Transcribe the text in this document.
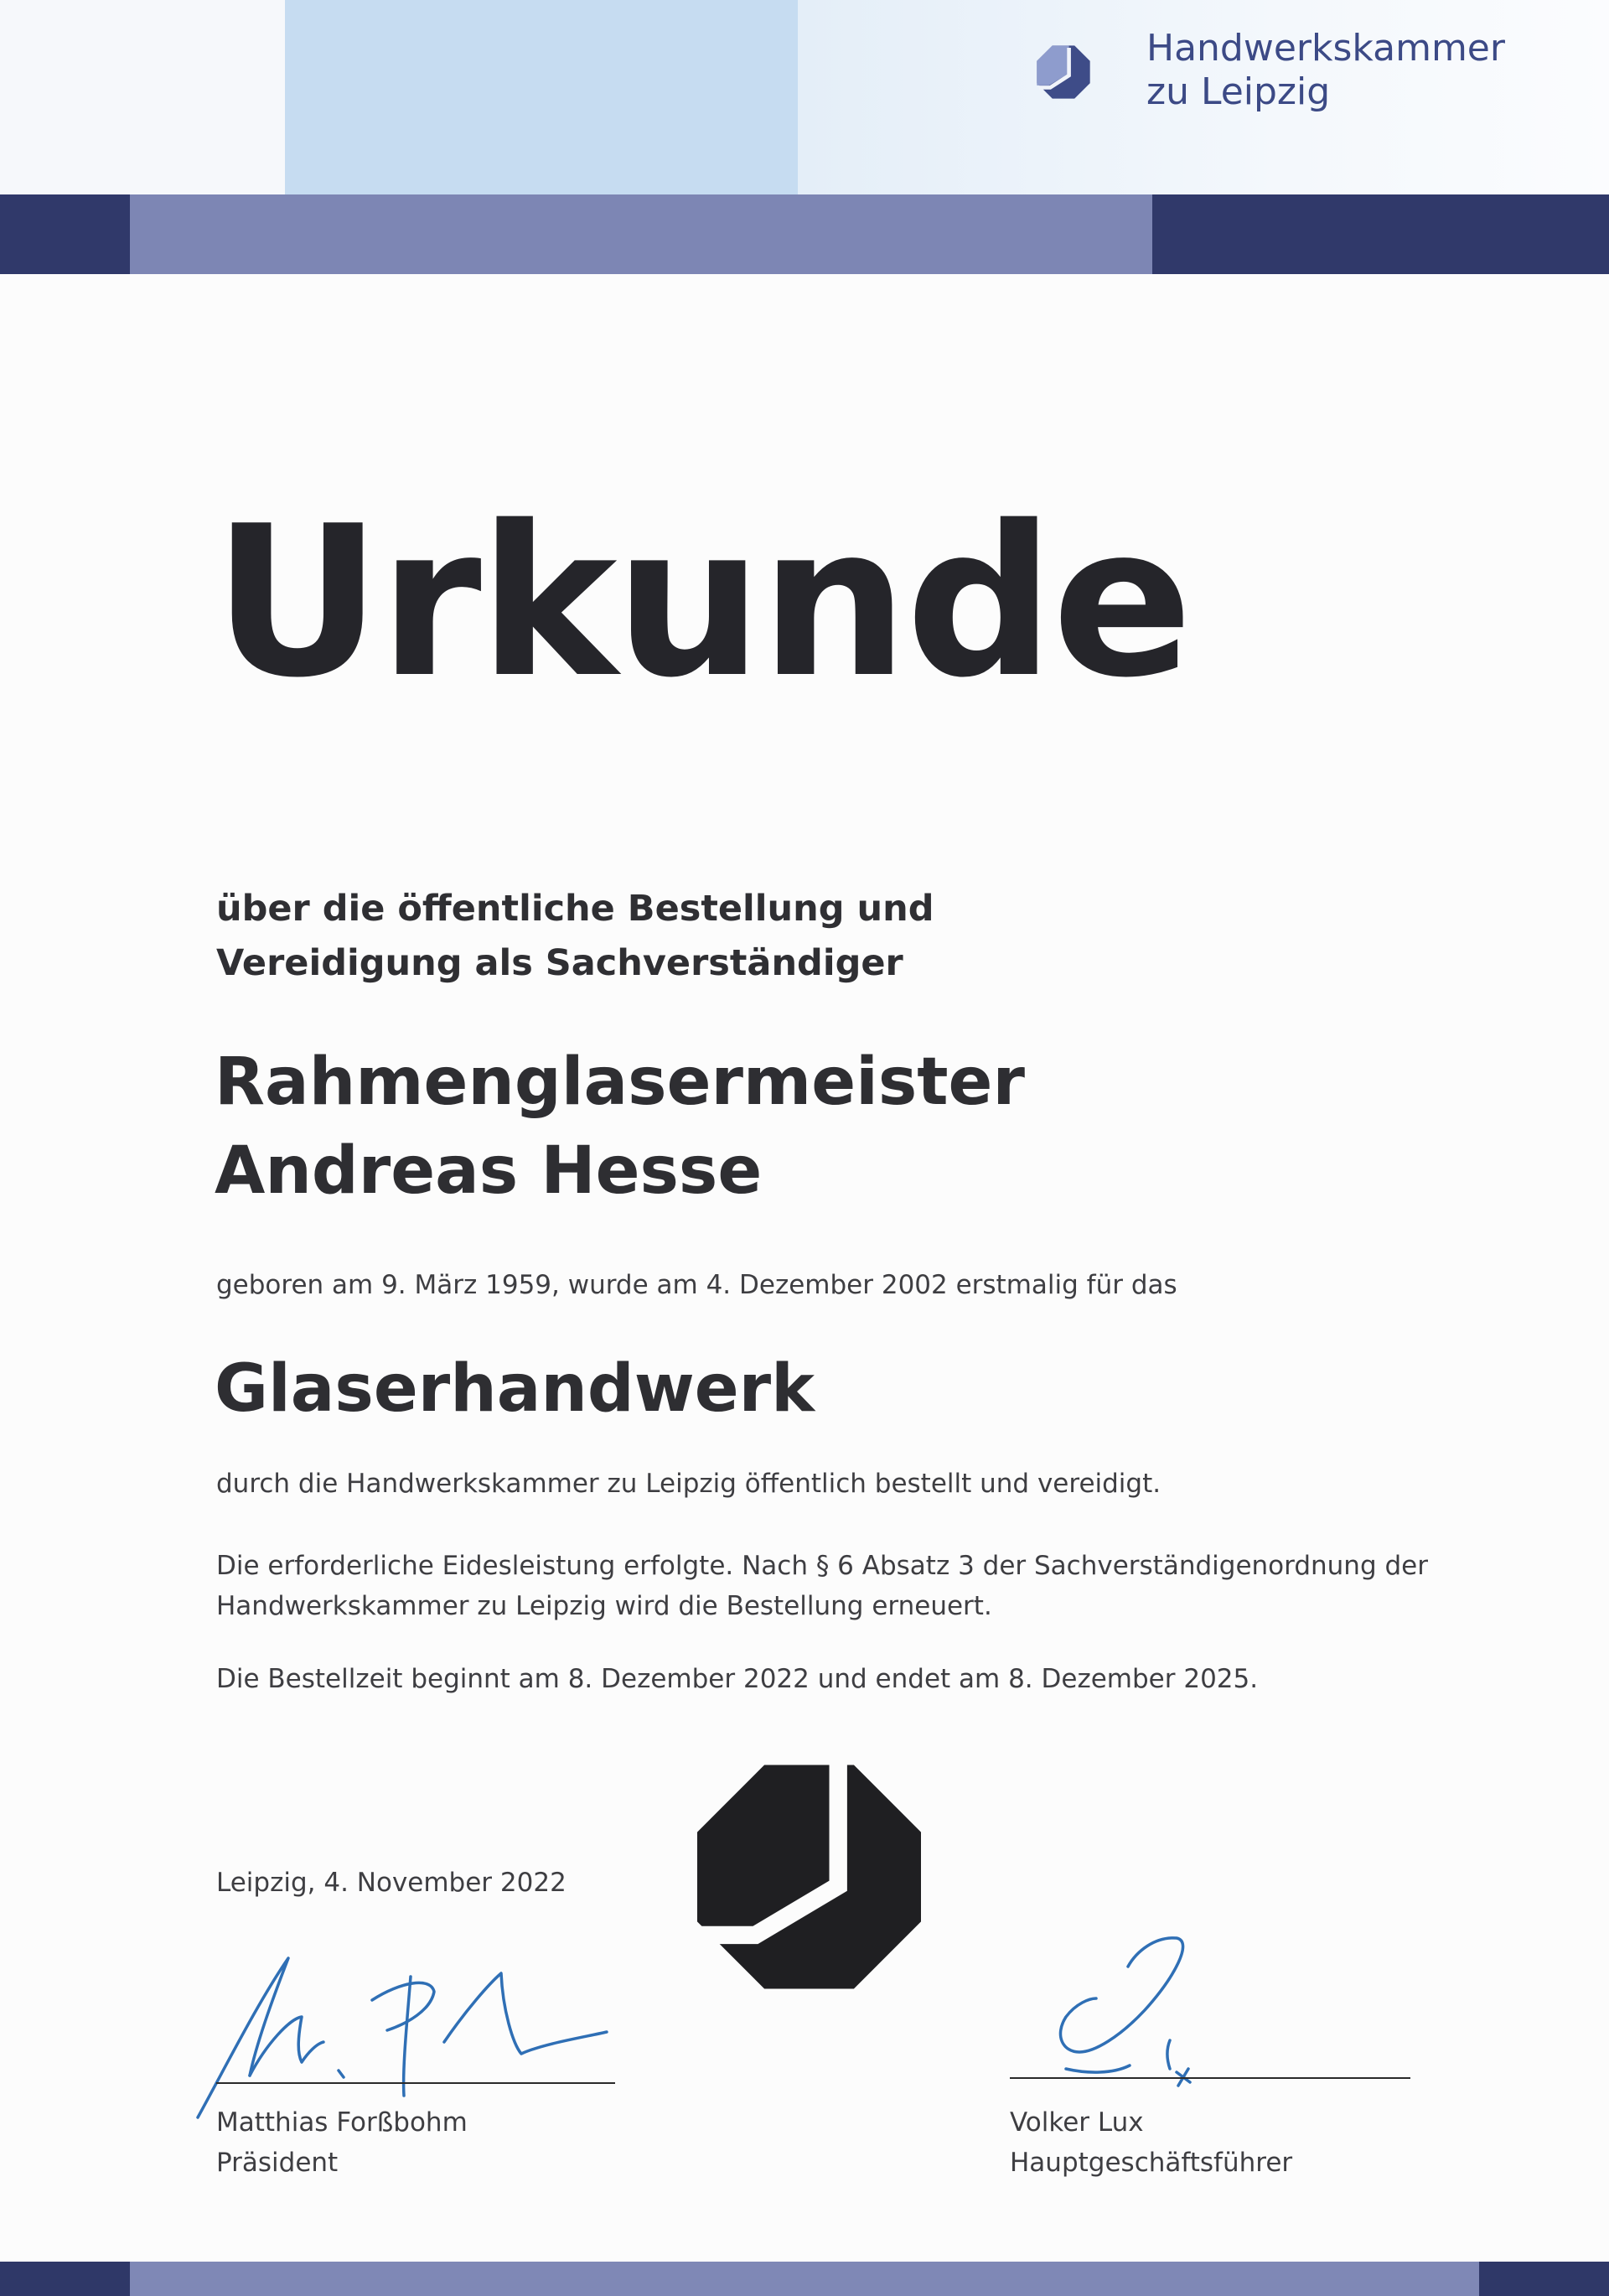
Handwerkskammer
zu Leipzig
Urkunde
über die öffentliche Bestellung und
Vereidigung als Sachverständiger
Rahmenglasermeister
Andreas Hesse
geboren am 9. März 1959, wurde am 4. Dezember 2002 erstmalig für das
Glaserhandwerk
durch die Handwerkskammer zu Leipzig öffentlich bestellt und vereidigt.
Die erforderliche Eidesleistung erfolgte. Nach § 6 Absatz 3 der Sachverständigenordnung der
Handwerkskammer zu Leipzig wird die Bestellung erneuert.
Die Bestellzeit beginnt am 8. Dezember 2022 und endet am 8. Dezember 2025.
Leipzig, 4. November 2022
Matthias Forßbohm
Präsident
Volker Lux
Hauptgeschäftsführer
